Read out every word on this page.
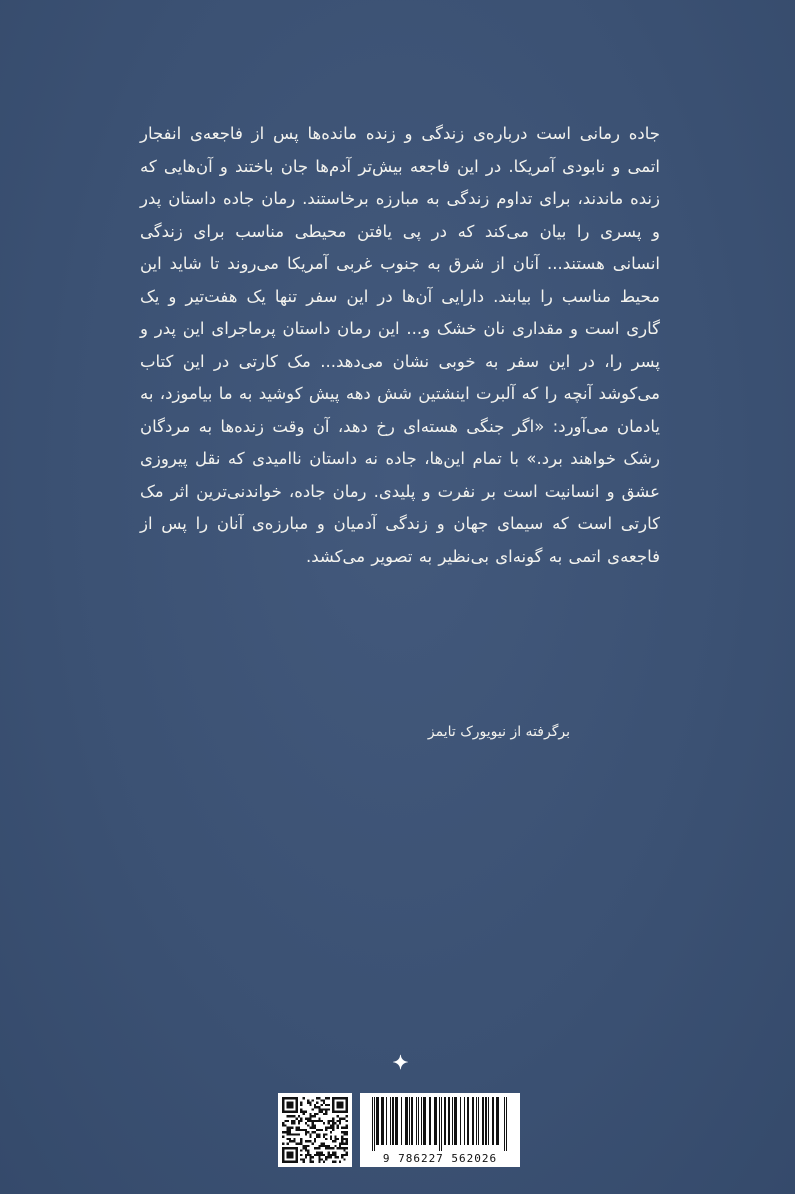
جاده رمانی است درباره‌ی زندگی و زنده مانده‌ها پس از فاجعه‌ی انفجار اتمی و نابودی آمریکا. در این فاجعه بیش‌تر آدم‌ها جان باختند و آن‌هایی که زنده ماندند، برای تداوم زندگی به مبارزه برخاستند. رمان جاده داستان پدر و پسری را بیان می‌کند که در پی یافتن محیطی مناسب برای زندگی انسانی هستند... آنان از شرق به جنوب غربی آمریکا می‌روند تا شاید این محیط مناسب را بیابند. دارایی آن‌ها در این سفر تنها یک هفت‌تیر و یک گاری است و مقداری نان خشک و... این رمان داستان پرماجرای این پدر و پسر را، در این سفر به خوبی نشان می‌دهد... مک کارتی در این کتاب می‌کوشد آنچه را که آلبرت اینشتین شش دهه پیش کوشید به ما بیاموزد، به یادمان می‌آورد: «اگر جنگی هسته‌ای رخ دهد، آن وقت زنده‌ها به مردگان رشک خواهند برد.» با تمام این‌ها، جاده نه داستان ناامیدی که نقل پیروزی عشق و انسانیت است بر نفرت و پلیدی. رمان جاده، خواندنی‌ترین اثر مک کارتی است که سیمای جهان و زندگی آدمیان و مبارزه‌ی آنان را پس از فاجعه‌ی اتمی به گونه‌ای بی‌نظیر به تصویر می‌کشد.

برگرفته از نیویورک تایمز

✦
9 786227 562026
